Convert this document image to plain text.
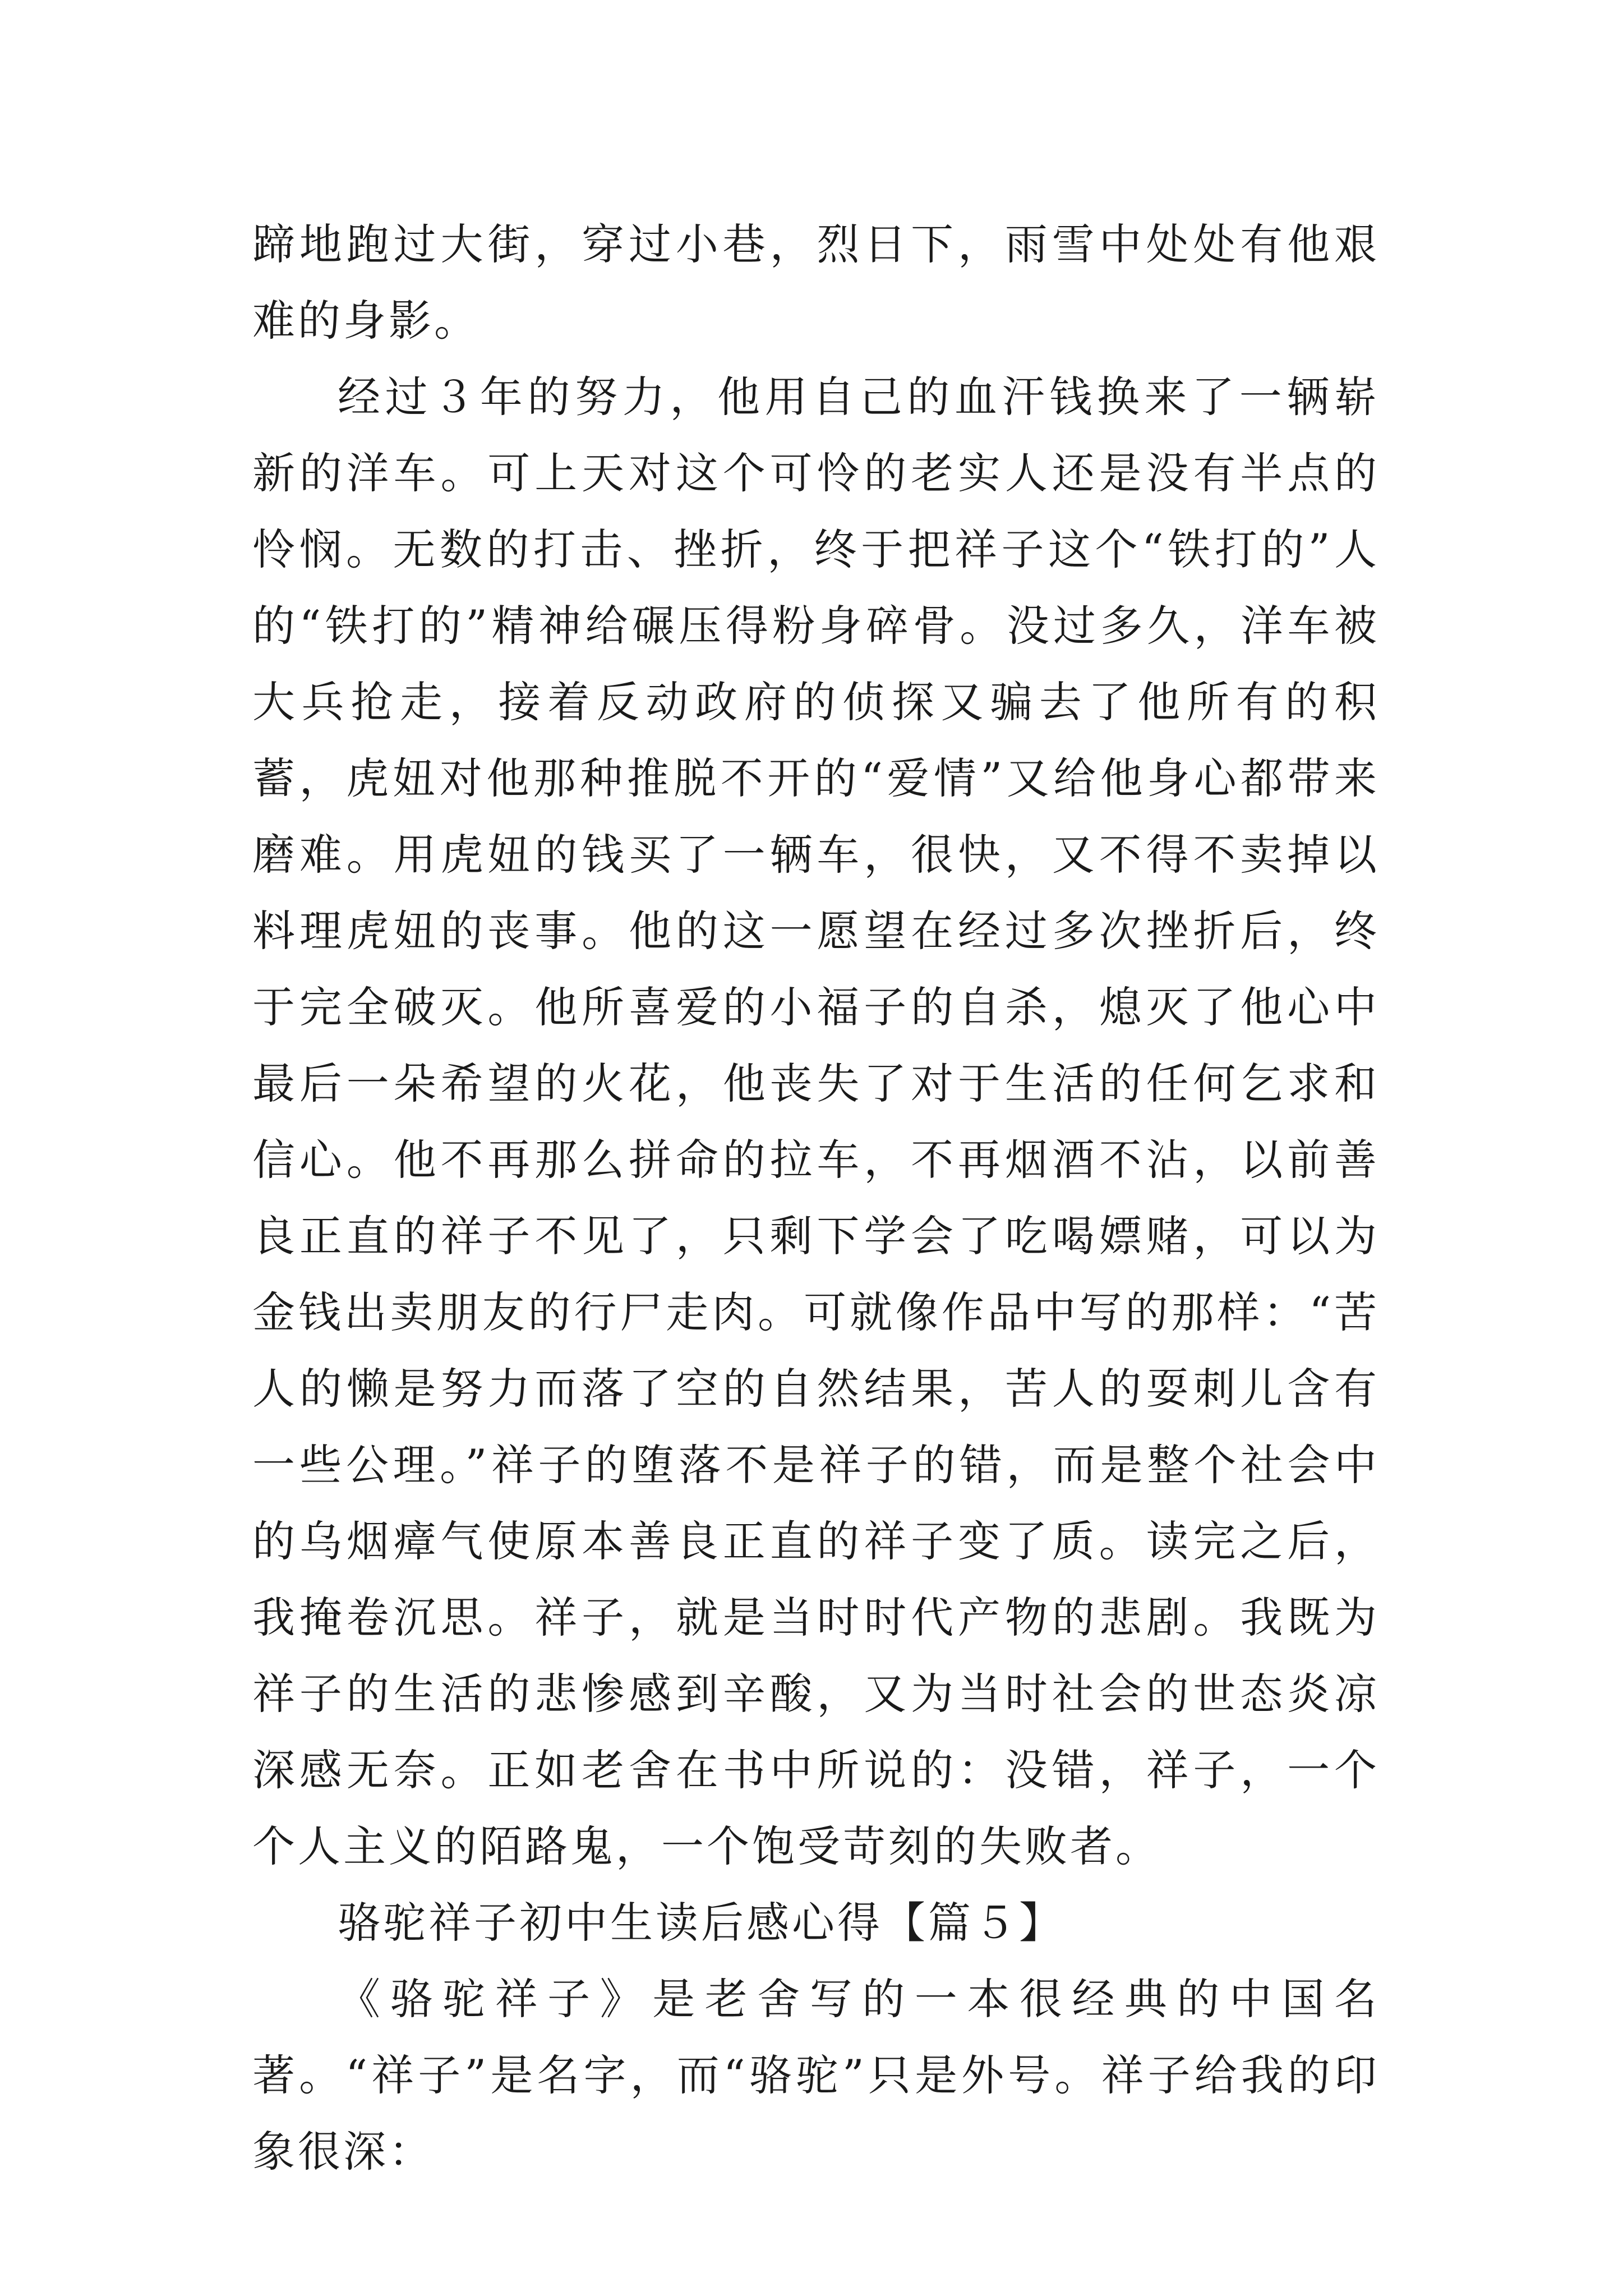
蹄地跑过大街，穿过小巷，烈日下，雨雪中处处有他艰难的身影。

经过３年的努力，他用自己的血汗钱换来了一辆崭新的洋车。可上天对这个可怜的老实人还是没有半点的怜悯。无数的打击、挫折，终于把祥子这个“铁打的”人的“铁打的”精神给碾压得粉身碎骨。没过多久，洋车被大兵抢走，接着反动政府的侦探又骗去了他所有的积蓄，虎妞对他那种推脱不开的“爱情”又给他身心都带来磨难。用虎妞的钱买了一辆车，很快，又不得不卖掉以料理虎妞的丧事。他的这一愿望在经过多次挫折后，终于完全破灭。他所喜爱的小福子的自杀，熄灭了他心中最后一朵希望的火花，他丧失了对于生活的任何乞求和信心。他不再那么拼命的拉车，不再烟酒不沾，以前善良正直的祥子不见了，只剩下学会了吃喝嫖赌，可以为金钱出卖朋友的行尸走肉。可就像作品中写的那样：“苦人的懒是努力而落了空的自然结果，苦人的耍刺儿含有一些公理。”祥子的堕落不是祥子的错，而是整个社会中的乌烟瘴气使原本善良正直的祥子变了质。读完之后，我掩卷沉思。祥子，就是当时时代产物的悲剧。我既为祥子的生活的悲惨感到辛酸，又为当时社会的世态炎凉深感无奈。正如老舍在书中所说的：没错，祥子，一个个人主义的陌路鬼，一个饱受苛刻的失败者。

骆驼祥子初中生读后感心得【篇５】

《骆驼祥子》是老舍写的一本很经典的中国名著。“祥子”是名字，而“骆驼”只是外号。祥子给我的印象很深：
